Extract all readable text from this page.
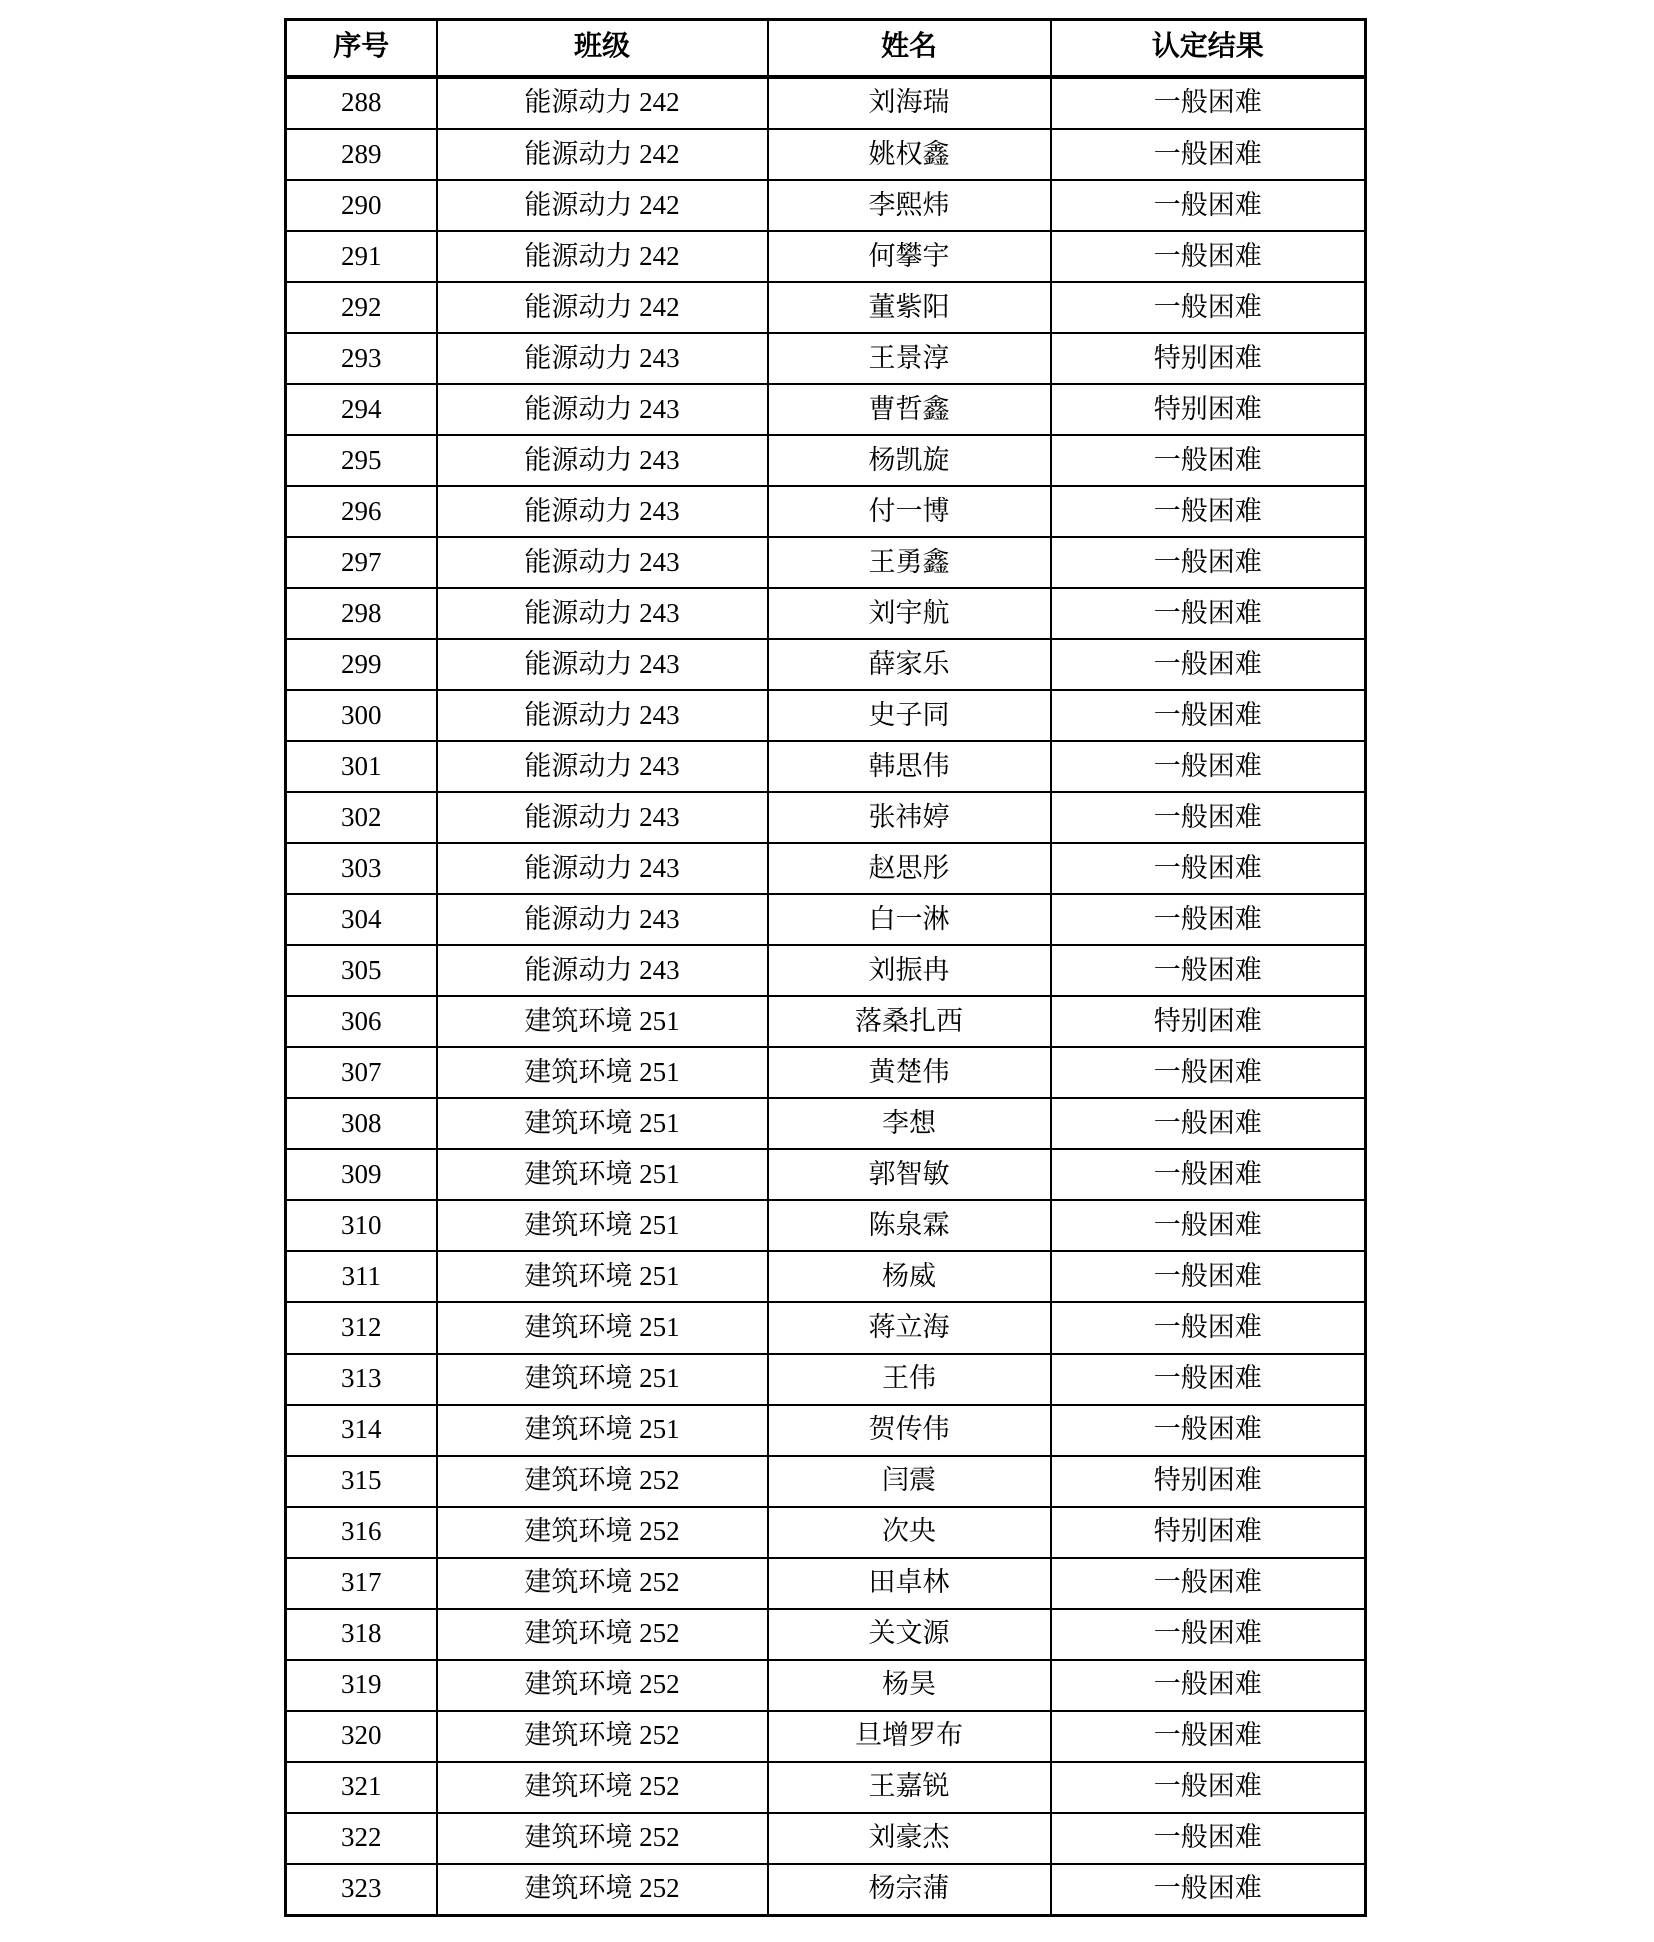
序号	班级	姓名	认定结果
288	能源动力 242	刘海瑞	一般困难
289	能源动力 242	姚权鑫	一般困难
290	能源动力 242	李熙炜	一般困难
291	能源动力 242	何攀宇	一般困难
292	能源动力 242	董紫阳	一般困难
293	能源动力 243	王景淳	特别困难
294	能源动力 243	曹哲鑫	特别困难
295	能源动力 243	杨凯旋	一般困难
296	能源动力 243	付一博	一般困难
297	能源动力 243	王勇鑫	一般困难
298	能源动力 243	刘宇航	一般困难
299	能源动力 243	薛家乐	一般困难
300	能源动力 243	史子同	一般困难
301	能源动力 243	韩思伟	一般困难
302	能源动力 243	张祎婷	一般困难
303	能源动力 243	赵思彤	一般困难
304	能源动力 243	白一淋	一般困难
305	能源动力 243	刘振冉	一般困难
306	建筑环境 251	落桑扎西	特别困难
307	建筑环境 251	黄楚伟	一般困难
308	建筑环境 251	李想	一般困难
309	建筑环境 251	郭智敏	一般困难
310	建筑环境 251	陈泉霖	一般困难
311	建筑环境 251	杨威	一般困难
312	建筑环境 251	蒋立海	一般困难
313	建筑环境 251	王伟	一般困难
314	建筑环境 251	贺传伟	一般困难
315	建筑环境 252	闫震	特别困难
316	建筑环境 252	次央	特别困难
317	建筑环境 252	田卓林	一般困难
318	建筑环境 252	关文源	一般困难
319	建筑环境 252	杨昊	一般困难
320	建筑环境 252	旦增罗布	一般困难
321	建筑环境 252	王嘉锐	一般困难
322	建筑环境 252	刘豪杰	一般困难
323	建筑环境 252	杨宗蒲	一般困难
